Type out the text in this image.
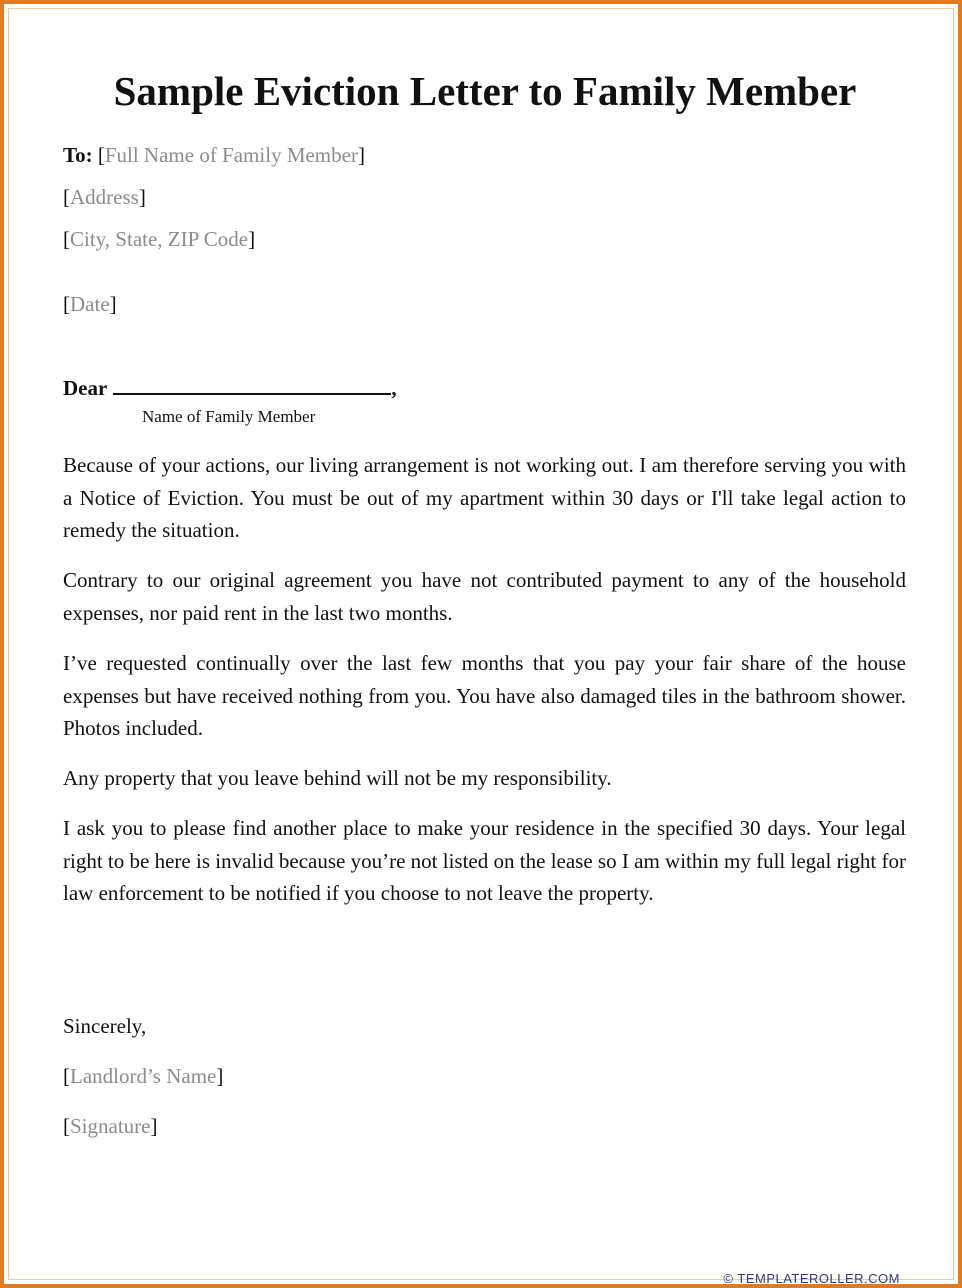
Sample Eviction Letter to Family Member
To: [Full Name of Family Member]
[Address]
[City, State, ZIP Code]
[Date]
Dear	,
Name of Family Member

Because of your actions, our living arrangement is not working out. I am therefore serving you with a Notice of Eviction. You must be out of my apartment within 30 days or I'll take legal action to remedy the situation.

Contrary to our original agreement you have not contributed payment to any of the household expenses, nor paid rent in the last two months.

I’ve requested continually over the last few months that you pay your fair share of the house expenses but have received nothing from you. You have also damaged tiles in the bathroom shower. Photos included.

Any property that you leave behind will not be my responsibility.

I ask you to please find another place to make your residence in the specified 30 days. Your legal right to be here is invalid because you’re not listed on the lease so I am within my full legal right for law enforcement to be notified if you choose to not leave the property.

Sincerely,
[Landlord’s Name]
[Signature]
© TEMPLATEROLLER.COM
